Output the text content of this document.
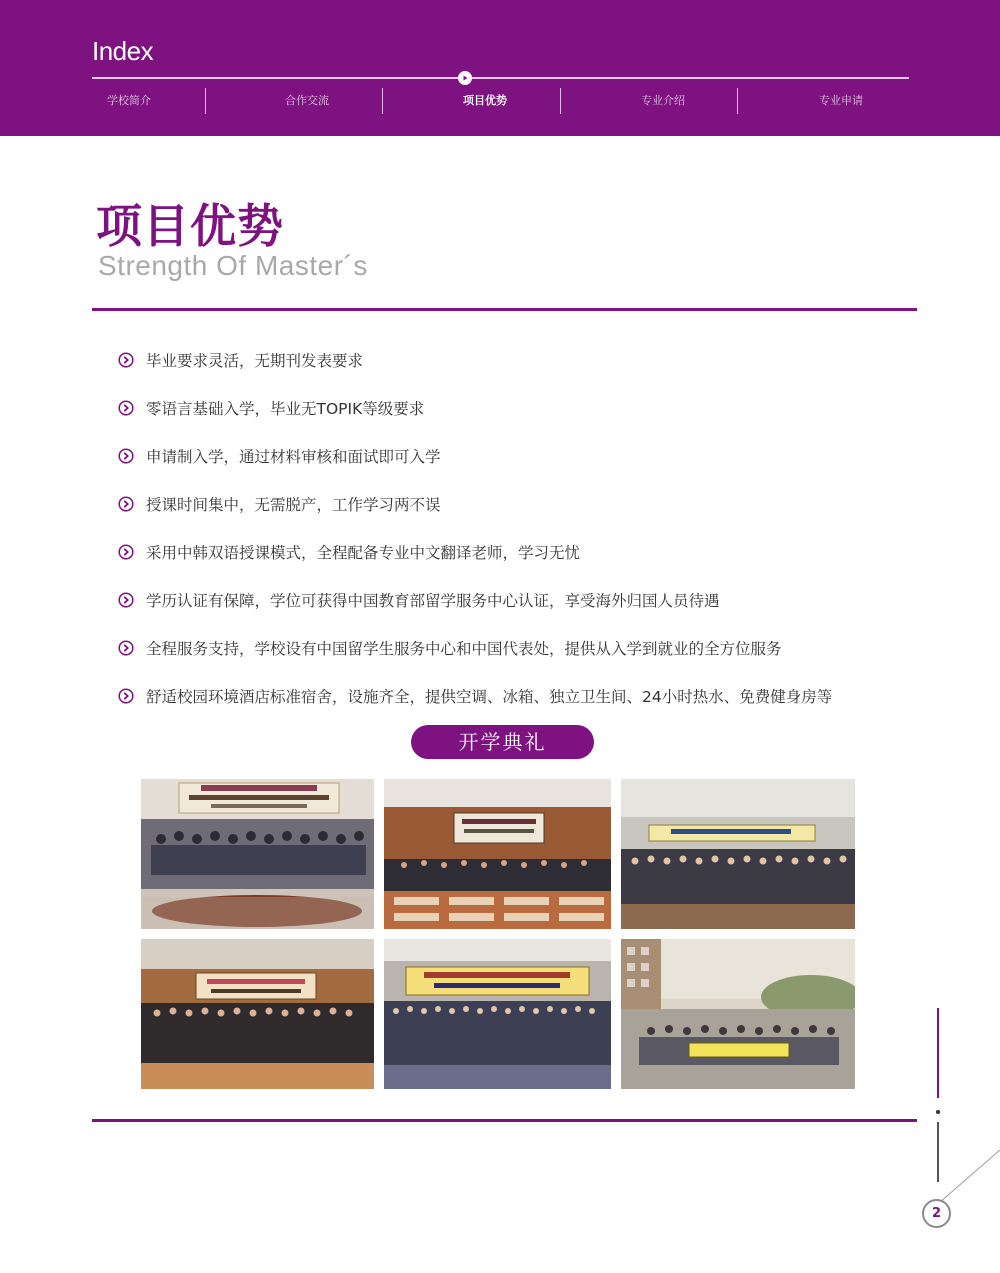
Index
学校简介	合作交流	项目优势	专业介绍	专业申请
项目优势
Strength Of Master´s
毕业要求灵活，无期刊发表要求
零语言基础入学，毕业无TOPIK等级要求
申请制入学，通过材料审核和面试即可入学
授课时间集中，无需脱产，工作学习两不误
采用中韩双语授课模式，全程配备专业中文翻译老师，学习无忧
学历认证有保障，学位可获得中国教育部留学服务中心认证，享受海外归国人员待遇
全程服务支持，学校设有中国留学生服务中心和中国代表处，提供从入学到就业的全方位服务
舒适校园环境酒店标准宿舍，设施齐全，提供空调、冰箱、独立卫生间、24小时热水、免费健身房等
开学典礼
2
